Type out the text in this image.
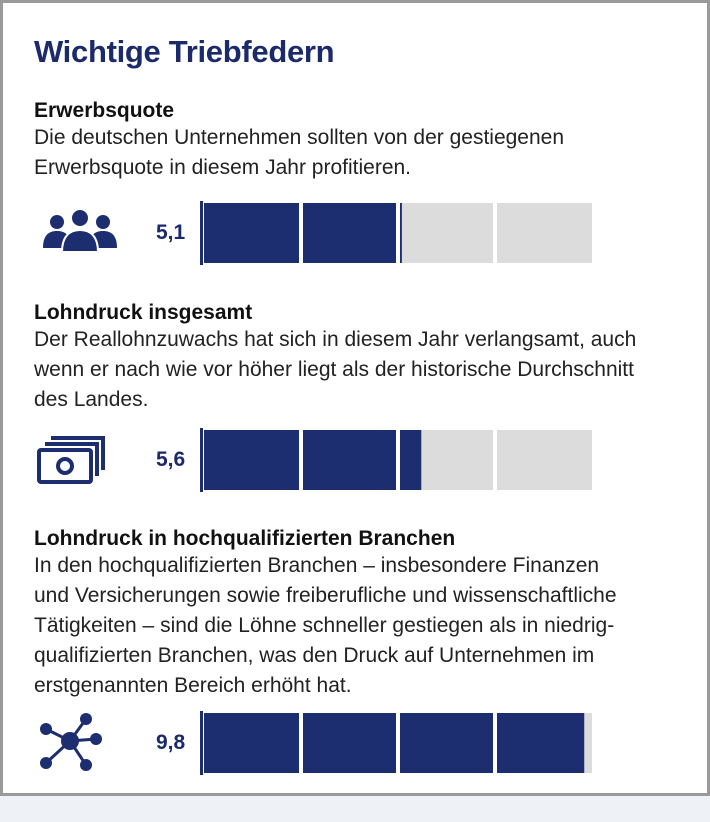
Wichtige Triebfedern
Erwerbsquote
Die deutschen Unternehmen sollten von der gestiegenen
Erwerbsquote in diesem Jahr profitieren.
5,1
Lohndruck insgesamt
Der Reallohnzuwachs hat sich in diesem Jahr verlangsamt, auch
wenn er nach wie vor höher liegt als der historische Durchschnitt
des Landes.
5,6
Lohndruck in hochqualifizierten Branchen
In den hochqualifizierten Branchen – insbesondere Finanzen
und Versicherungen sowie freiberufliche und wissenschaftliche
Tätigkeiten – sind die Löhne schneller gestiegen als in niedrig-
qualifizierten Branchen, was den Druck auf Unternehmen im
erstgenannten Bereich erhöht hat.
9,8
